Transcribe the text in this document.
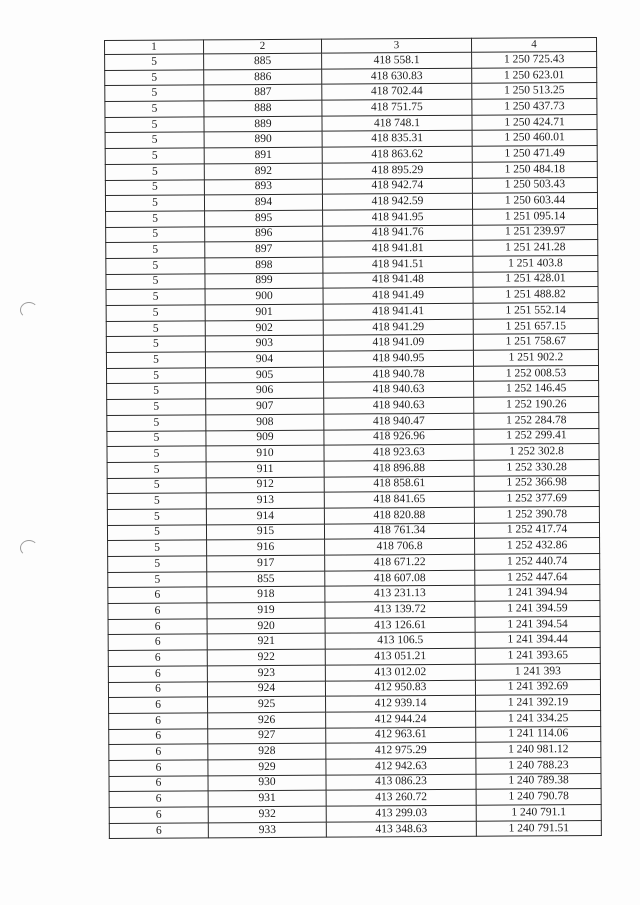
1	2	3	4
5	885	418 558.1	1 250 725.43
5	886	418 630.83	1 250 623.01
5	887	418 702.44	1 250 513.25
5	888	418 751.75	1 250 437.73
5	889	418 748.1	1 250 424.71
5	890	418 835.31	1 250 460.01
5	891	418 863.62	1 250 471.49
5	892	418 895.29	1 250 484.18
5	893	418 942.74	1 250 503.43
5	894	418 942.59	1 250 603.44
5	895	418 941.95	1 251 095.14
5	896	418 941.76	1 251 239.97
5	897	418 941.81	1 251 241.28
5	898	418 941.51	1 251 403.8
5	899	418 941.48	1 251 428.01
5	900	418 941.49	1 251 488.82
5	901	418 941.41	1 251 552.14
5	902	418 941.29	1 251 657.15
5	903	418 941.09	1 251 758.67
5	904	418 940.95	1 251 902.2
5	905	418 940.78	1 252 008.53
5	906	418 940.63	1 252 146.45
5	907	418 940.63	1 252 190.26
5	908	418 940.47	1 252 284.78
5	909	418 926.96	1 252 299.41
5	910	418 923.63	1 252 302.8
5	911	418 896.88	1 252 330.28
5	912	418 858.61	1 252 366.98
5	913	418 841.65	1 252 377.69
5	914	418 820.88	1 252 390.78
5	915	418 761.34	1 252 417.74
5	916	418 706.8	1 252 432.86
5	917	418 671.22	1 252 440.74
5	855	418 607.08	1 252 447.64
6	918	413 231.13	1 241 394.94
6	919	413 139.72	1 241 394.59
6	920	413 126.61	1 241 394.54
6	921	413 106.5	1 241 394.44
6	922	413 051.21	1 241 393.65
6	923	413 012.02	1 241 393
6	924	412 950.83	1 241 392.69
6	925	412 939.14	1 241 392.19
6	926	412 944.24	1 241 334.25
6	927	412 963.61	1 241 114.06
6	928	412 975.29	1 240 981.12
6	929	412 942.63	1 240 788.23
6	930	413 086.23	1 240 789.38
6	931	413 260.72	1 240 790.78
6	932	413 299.03	1 240 791.1
6	933	413 348.63	1 240 791.51
